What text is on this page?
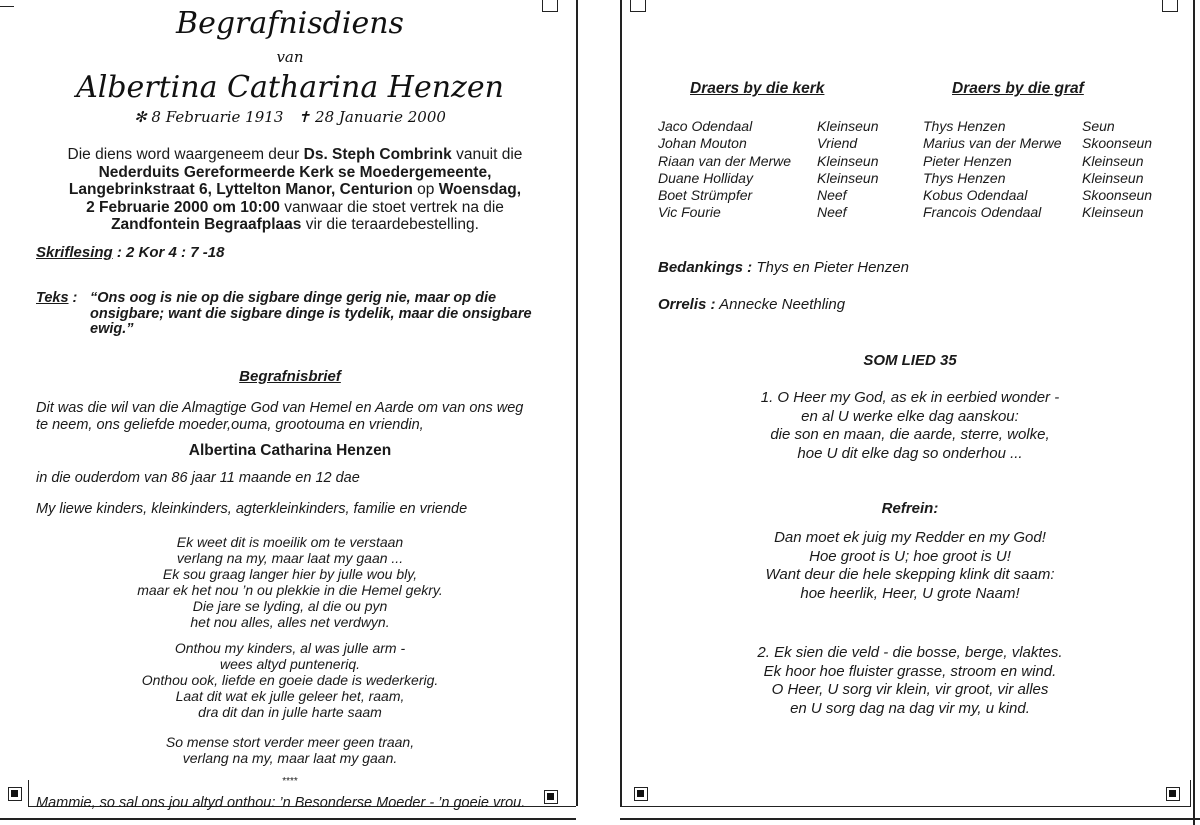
Begrafnisdiens
van
Albertina Catharina Henzen
✻ 8 Februarie 1913 ✝ 28 Januarie 2000
Die diens word waargeneem deur Ds. Steph Combrink vanuit die
Nederduits Gereformeerde Kerk se Moedergemeente,
Langebrinkstraat 6, Lyttelton Manor, Centurion op Woensdag,
2 Februarie 2000 om 10:00 vanwaar die stoet vertrek na die
Zandfontein Begraafplaas vir die teraardebestelling.
Skriflesing : 2 Kor 4 : 7 -18
Teks : “Ons oog is nie op die sigbare dinge gerig nie, maar op die
onsigbare; want die sigbare dinge is tydelik, maar die onsigbare
ewig.”
Begrafnisbrief
Dit was die wil van die Almagtige God van Hemel en Aarde om van ons weg
te neem, ons geliefde moeder,ouma, grootouma en vriendin,
Albertina Catharina Henzen
in die ouderdom van 86 jaar 11 maande en 12 dae
My liewe kinders, kleinkinders, agterkleinkinders, familie en vriende
Ek weet dit is moeilik om te verstaan
verlang na my, maar laat my gaan ...
Ek sou graag langer hier by julle wou bly,
maar ek het nou ’n ou plekkie in die Hemel gekry.
Die jare se lyding, al die ou pyn
het nou alles, alles net verdwyn.
Onthou my kinders, al was julle arm -
wees altyd punteneriq.
Onthou ook, liefde en goeie dade is wederkerig.
Laat dit wat ek julle geleer het, raam,
dra dit dan in julle harte saam
So mense stort verder meer geen traan,
verlang na my, maar laat my gaan.
****
Mammie, so sal ons jou altyd onthou: ’n Besonderse Moeder - ’n goeie vrou.
Draers by die kerk	Draers by die graf
Jaco Odendaal
Johan Mouton
Riaan van der Merwe
Duane Holliday
Boet Strümpfer
Vic Fourie
Kleinseun
Vriend
Kleinseun
Kleinseun
Neef
Neef
Thys Henzen
Marius van der Merwe
Pieter Henzen
Thys Henzen
Kobus Odendaal
Francois Odendaal
Seun
Skoonseun
Kleinseun
Kleinseun
Skoonseun
Kleinseun
Bedankings : Thys en Pieter Henzen
Orrelis : Annecke Neethling
SOM LIED 35
1. O Heer my God, as ek in eerbied wonder -
en al U werke elke dag aanskou:
die son en maan, die aarde, sterre, wolke,
hoe U dit elke dag so onderhou ...
Refrein:
Dan moet ek juig my Redder en my God!
Hoe groot is U; hoe groot is U!
Want deur die hele skepping klink dit saam:
hoe heerlik, Heer, U grote Naam!
2. Ek sien die veld - die bosse, berge, vlaktes.
Ek hoor hoe fluister grasse, stroom en wind.
O Heer, U sorg vir klein, vir groot, vir alles
en U sorg dag na dag vir my, u kind.
